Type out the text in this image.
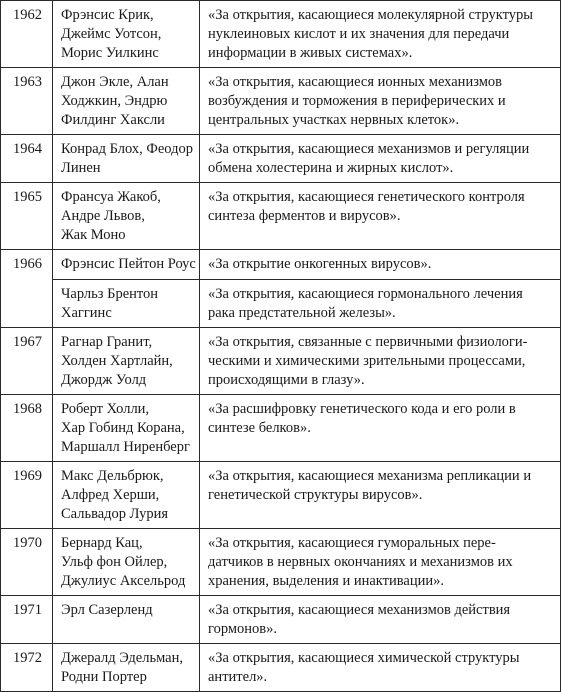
1962	Фрэнсис Крик,
Джеймс Уотсон,
Морис Уилкинс	«За открытия, касающиеся молекулярной структуры
нуклеиновых кислот и их значения для передачи
информации в живых системах».

1963	Джон Экле, Алан
Ходжкин, Эндрю
Филдинг Хаксли	«За открытия, касающиеся ионных механизмов
возбуждения и торможения в периферических и
центральных участках нервных клеток».

1964	Конрад Блох, Феодор
Линен	«За открытия, касающиеся механизмов и регуляции
обмена холестерина и жирных кислот».

1965	Франсуа Жакоб,
Андре Львов,
Жак Моно	«За открытия, касающиеся генетического контроля
синтеза ферментов и вирусов».

1966	Фрэнсис Пейтон Роус	«За открытие онкогенных вирусов».

	Чарльз Брентон
Хаггинс	«За открытия, касающиеся гормонального лечения
рака предстательной железы».

1967	Рагнар Гранит,
Холден Хартлайн,
Джордж Уолд	«За открытия, связанные с первичными физиологи-
ческими и химическими зрительными процессами,
происходящими в глазу».

1968	Роберт Холли,
Хар Гобинд Корана,
Маршалл Ниренберг	«За расшифровку генетического кода и его роли в
синтезе белков».

1969	Макс Дельбрюк,
Алфред Херши,
Сальвадор Лурия	«За открытия, касающиеся механизма репликации и
генетической структуры вирусов».

1970	Бернард Кац,
Ульф фон Ойлер,
Джулиус Аксельрод	«За открытия, касающиеся гуморальных пере-
датчиков в нервных окончаниях и механизмов их
хранения, выделения и инактивации».

1971	Эрл Сазерленд	«За открытия, касающиеся механизмов действия
гормонов».

1972	Джералд Эдельман,
Родни Портер	«За открытия, касающиеся химической структуры
антител».
